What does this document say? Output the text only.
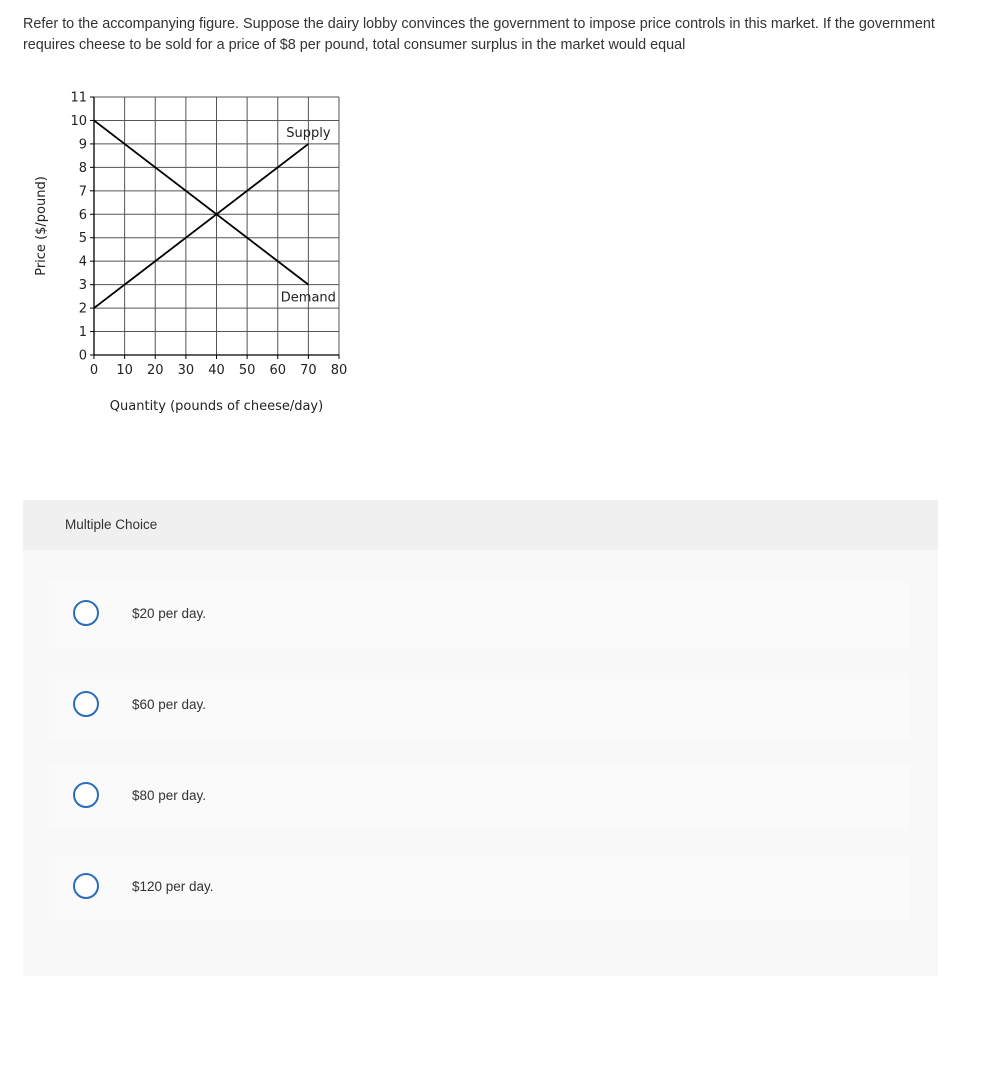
Refer to the accompanying figure. Suppose the dairy lobby convinces the government to impose price controls in this market. If the government requires cheese to be sold for a price of $8 per pound, total consumer surplus in the market would equal
0
1
2
3
4
5
6
7
8
9
10
11
0 10 20 30 40 50 60 70 80
Price ($/pound)
Quantity (pounds of cheese/day)
Supply
Demand
Multiple Choice
$20 per day.
$60 per day.
$80 per day.
$120 per day.
